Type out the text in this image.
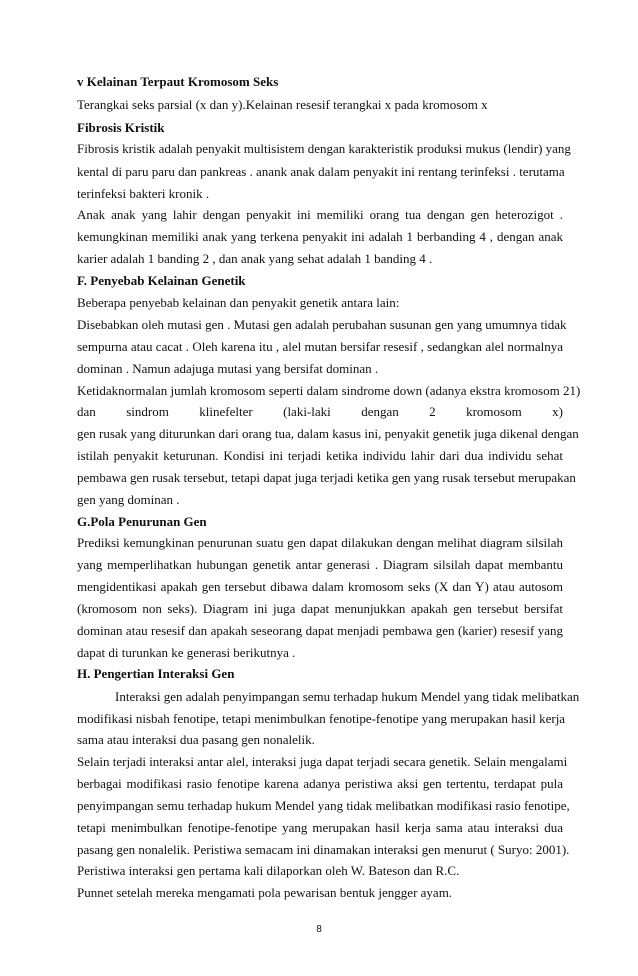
v Kelainan Terpaut Kromosom Seks
Terangkai seks parsial (x dan y).Kelainan resesif terangkai x pada kromosom x
Fibrosis Kristik
Fibrosis kristik adalah penyakit multisistem dengan karakteristik produksi mukus (lendir) yang
kental di paru paru dan pankreas . anank anak dalam penyakit ini rentang terinfeksi . terutama
terinfeksi bakteri kronik .
Anak anak yang lahir dengan penyakit ini memiliki orang tua dengan gen heterozigot .
kemungkinan memiliki anak yang terkena penyakit ini adalah 1 berbanding 4 , dengan anak
karier adalah 1 banding 2 , dan anak yang sehat adalah 1 banding 4 .
F. Penyebab Kelainan Genetik
Beberapa penyebab kelainan dan penyakit genetik antara lain:
Disebabkan oleh mutasi gen . Mutasi gen adalah perubahan susunan gen yang umumnya tidak
sempurna atau cacat . Oleh karena itu , alel mutan bersifar resesif , sedangkan alel normalnya
dominan . Namun adajuga mutasi yang bersifat dominan .
Ketidaknormalan jumlah kromosom seperti dalam sindrome down (adanya ekstra kromosom 21)
dan sindrom klinefelter (laki-laki dengan 2 kromosom x)
gen rusak yang diturunkan dari orang tua, dalam kasus ini, penyakit genetik juga dikenal dengan
istilah penyakit keturunan. Kondisi ini terjadi ketika individu lahir dari dua individu sehat
pembawa gen rusak tersebut, tetapi dapat juga terjadi ketika gen yang rusak tersebut merupakan
gen yang dominan .
G.Pola Penurunan Gen
Prediksi kemungkinan penurunan suatu gen dapat dilakukan dengan melihat diagram silsilah
yang memperlihatkan hubungan genetik antar generasi . Diagram silsilah dapat membantu
mengidentikasi apakah gen tersebut dibawa dalam kromosom seks (X dan Y) atau autosom
(kromosom non seks). Diagram ini juga dapat menunjukkan apakah gen tersebut bersifat
dominan atau resesif dan apakah seseorang dapat menjadi pembawa gen (karier) resesif yang
dapat di turunkan ke generasi berikutnya .
H. Pengertian Interaksi Gen
Interaksi gen adalah penyimpangan semu terhadap hukum Mendel yang tidak melibatkan
modifikasi nisbah fenotipe, tetapi menimbulkan fenotipe-fenotipe yang merupakan hasil kerja
sama atau interaksi dua pasang gen nonalelik.
Selain terjadi interaksi antar alel, interaksi juga dapat terjadi secara genetik. Selain mengalami
berbagai modifikasi rasio fenotipe karena adanya peristiwa aksi gen tertentu, terdapat pula
penyimpangan semu terhadap hukum Mendel yang tidak melibatkan modifikasi rasio fenotipe,
tetapi menimbulkan fenotipe-fenotipe yang merupakan hasil kerja sama atau interaksi dua
pasang gen nonalelik. Peristiwa semacam ini dinamakan interaksi gen menurut ( Suryo: 2001).
Peristiwa interaksi gen pertama kali dilaporkan oleh W. Bateson dan R.C.
Punnet setelah mereka mengamati pola pewarisan bentuk jengger ayam.
8
